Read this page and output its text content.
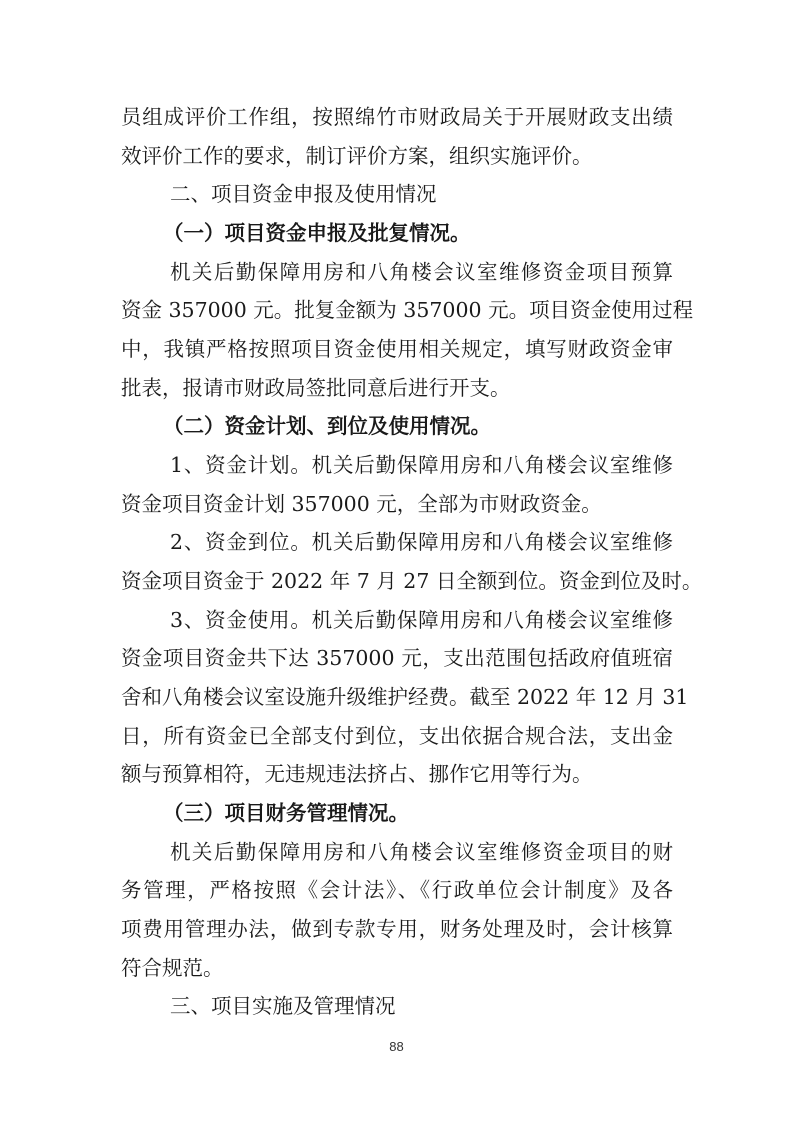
员组成评价工作组，按照绵竹市财政局关于开展财政支出绩
效评价工作的要求，制订评价方案，组织实施评价。
二、项目资金申报及使用情况
（一）项目资金申报及批复情况。
机关后勤保障用房和八角楼会议室维修资金项目预算
资金 357000 元。批复金额为 357000 元。项目资金使用过程
中，我镇严格按照项目资金使用相关规定，填写财政资金审
批表，报请市财政局签批同意后进行开支。
（二）资金计划、到位及使用情况。
1、资金计划。机关后勤保障用房和八角楼会议室维修
资金项目资金计划 357000 元，全部为市财政资金。
2、资金到位。机关后勤保障用房和八角楼会议室维修
资金项目资金于 2022 年 7 月 27 日全额到位。资金到位及时。
3、资金使用。机关后勤保障用房和八角楼会议室维修
资金项目资金共下达 357000 元，支出范围包括政府值班宿
舍和八角楼会议室设施升级维护经费。截至 2022 年 12 月 31
日，所有资金已全部支付到位，支出依据合规合法，支出金
额与预算相符，无违规违法挤占、挪作它用等行为。
（三）项目财务管理情况。
机关后勤保障用房和八角楼会议室维修资金项目的财
务管理，严格按照《会计法》、《行政单位会计制度》及各
项费用管理办法，做到专款专用，财务处理及时，会计核算
符合规范。
88
三、项目实施及管理情况
